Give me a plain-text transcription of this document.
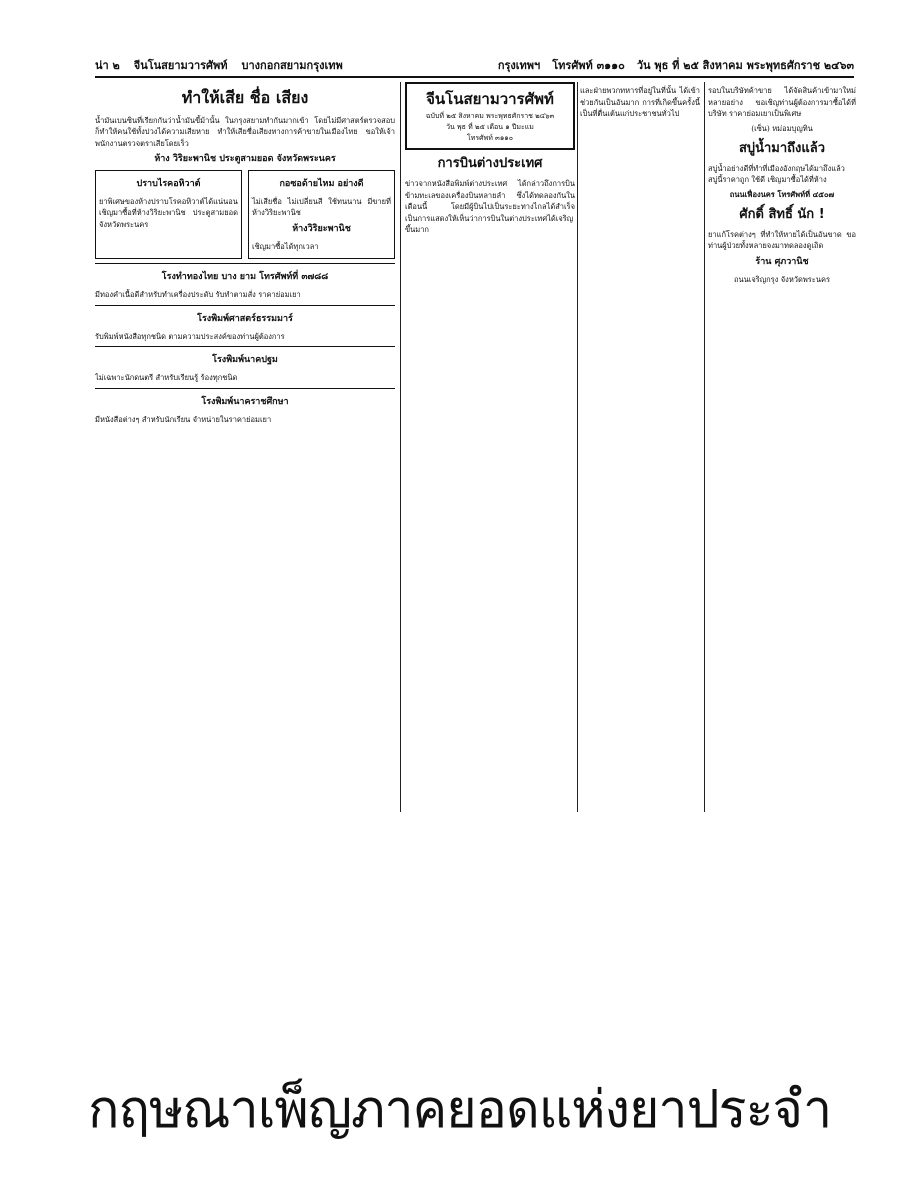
น่า ๒ จีนโนสยามวารศัพท์ บางกอกสยามกรุงเทพ	กรุงเทพฯ โทรศัพท์ ๓๑๑๐ วัน พุธ ที่ ๒๕ สิงหาคม พระพุทธศักราช ๒๔๖๓
ทำให้เสีย ชื่อ เสียง

น้ำมันเบนซินที่เรียกกันว่าน้ำมันขี้ม้านั้น ในกรุงสยามทำกันมากเข้า โดยไม่มีศาสตร์ตรวจสอบ ก็ทำให้คนใช้ทั้งปวงได้ความเสียหาย ทำให้เสียชื่อเสียงทางการค้าขายในเมืองไทย ขอให้เจ้าพนักงานตรวจตราเสียโดยเร็ว

ห้าง วิริยะพานิช ประตูสามยอด จังหวัดพระนคร

ปราบไรคอหิวาต์

ยาพิเศษของห้างปราบโรคอหิวาต์ได้แน่นอน เชิญมาซื้อที่ห้างวิริยะพานิช ประตูสามยอด จังหวัดพระนคร

กอซอด้ายไหม อย่างดี

ไม่เสียชื่อ ไม่เปลี่ยนสี ใช้ทนนาน มีขายที่ห้างวิริยะพานิช

ห้างวิริยะพานิช

เชิญมาซื้อได้ทุกเวลา

โรงทำทองไทย บาง ยาม โทรศัพท์ที่ ๓๗๘๘

มีทองคำเนื้อดีสำหรับทำเครื่องประดับ รับทำตามสั่ง ราคาย่อมเยา

โรงพิมพ์ศาสตร์ธรรมมาร์

รับพิมพ์หนังสือทุกชนิด ตามความประสงค์ของท่านผู้ต้องการ

โรงพิมพ์นาคปฐม

ไม่เฉพาะนักดนตรี สำหรับเรียนรู้ ร้องทุกชนิด

โรงพิมพ์นาคราชศึกษา

มีหนังสือต่างๆ สำหรับนักเรียน จำหน่ายในราคาย่อมเยา

จีนโนสยามวารศัพท์
ฉบับที่ ๒๕ สิงหาคม พระพุทธศักราช ๒๔๖๓
วัน พุธ ที่ ๒๕ เดือน ๑ ปีมะแม
โทรศัพท์ ๓๑๑๐
การบินต่างประเทศ

ข่าวจากหนังสือพิมพ์ต่างประเทศ ได้กล่าวถึงการบินข้ามทะเลของเครื่องบินหลายลำ ซึ่งได้ทดลองกันในเดือนนี้ โดยมีผู้บินไปเป็นระยะทางไกลได้สำเร็จ เป็นการแสดงให้เห็นว่าการบินในต่างประเทศได้เจริญขึ้นมาก

และฝ่ายพวกทหารที่อยู่ในที่นั้น ได้เข้าช่วยกันเป็นอันมาก การที่เกิดขึ้นครั้งนี้เป็นที่ตื่นเต้นแก่ประชาชนทั่วไป

รอบในบริษัทค้าขาย ได้จัดสินค้าเข้ามาใหม่หลายอย่าง ขอเชิญท่านผู้ต้องการมาซื้อได้ที่บริษัท ราคาย่อมเยาเป็นพิเศษ

(เซ็น) หม่อมบุญทิน

สบู่น้ำมาถึงแล้ว

สบู่น้ำอย่างดีที่ทำที่เมืองอังกฤษได้มาถึงแล้ว สบู่นี้ราคาถูก ใช้ดี เชิญมาซื้อได้ที่ห้าง

ถนนเฟื่องนคร โทรศัพท์ที่ ๔๕๐๗

ศักดิ์ สิทธิ์ นัก !

ยาแก้โรคต่างๆ ที่ทำให้หายได้เป็นอันขาด ขอท่านผู้ป่วยทั้งหลายจงมาทดลองดูเถิด

ร้าน ศุภวานิช

ถนนเจริญกรุง จังหวัดพระนคร

กฤษณาเพ็ญภาคยอดแห่งยาประจำ
